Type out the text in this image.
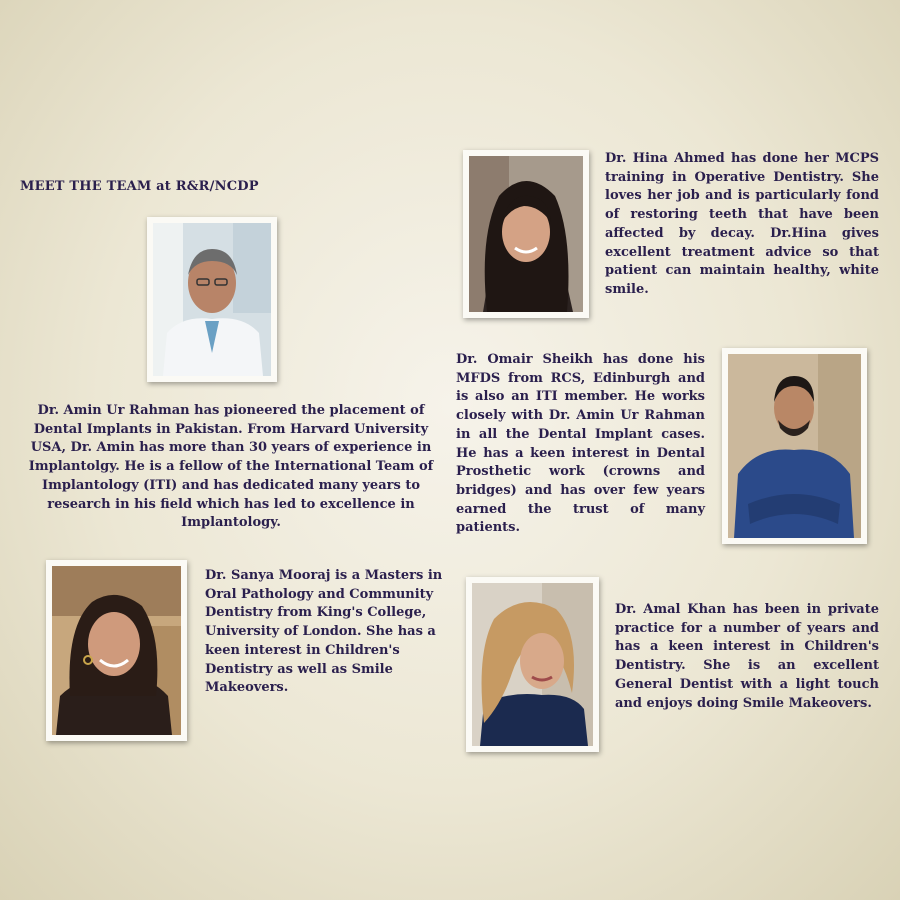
MEET THE TEAM at R&R/NCDP

Dr. Amin Ur Rahman has pioneered the placement of Dental Implants in Pakistan. From Harvard University USA, Dr. Amin has more than 30 years of experience in Implantolgy. He is a fellow of the International Team of Implantology (ITI) and has dedicated many years to research in his field which has led to excellence in Implantology.

Dr. Hina Ahmed has done her MCPS training in Operative Dentistry. She loves her job and is particularly fond of restoring teeth that have been affected by decay. Dr.Hina gives excellent treatment advice so that patient can maintain healthy, white smile.

Dr. Omair Sheikh has done his MFDS from RCS, Edinburgh and is also an ITI member. He works closely with Dr. Amin Ur Rahman in all the Dental Implant cases. He has a keen interest in Dental Prosthetic work (crowns and bridges) and has over few years earned the trust of many patients.

Dr. Sanya Mooraj is a Masters in Oral Pathology and Community Dentistry from King's College, University of London. She has a keen interest in Children's Dentistry as well as Smile Makeovers.

Dr. Amal Khan has been in private practice for a number of years and has a keen interest in Children's Dentistry. She is an excellent General Dentist with a light touch and enjoys doing Smile Makeovers.
